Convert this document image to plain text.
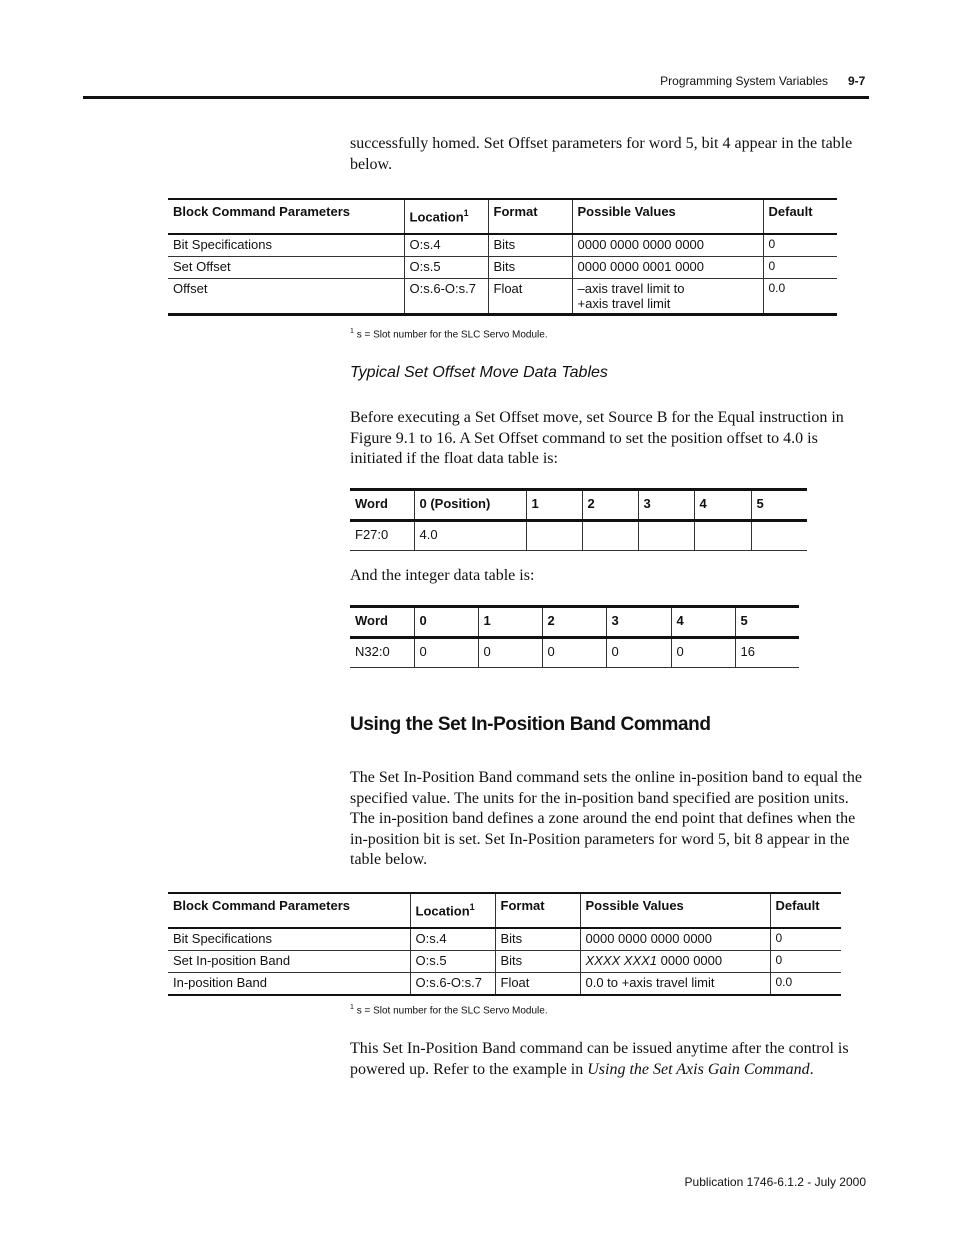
Programming System Variables 9-7
successfully homed. Set Offset parameters for word 5, bit 4 appear in the table below.
Block Command Parameters	Location$^1$	Format	Possible Values	Default
Bit Specifications	O:s.4	Bits	0000 0000 0000 0000	0
Set Offset	O:s.5	Bits	0000 0000 0001 0000	0
Offset	O:s.6-O:s.7	Float	–axis travel limit to +axis travel limit	0.0
$^1$ s = Slot number for the SLC Servo Module.
Typical Set Offset Move Data Tables
Before executing a Set Offset move, set Source B for the Equal instruction in Figure 9.1 to 16. A Set Offset command to set the position offset to 4.0 is initiated if the float data table is:
Word	0 (Position)	1	2	3	4	5
F27:0	4.0					
And the integer data table is:
Word	0	1	2	3	4	5
N32:0	0	0	0	0	0	16
Using the Set In-Position Band Command
The Set In-Position Band command sets the online in-position band to equal the specified value. The units for the in-position band specified are position units. The in-position band defines a zone around the end point that defines when the in-position bit is set. Set In-Position parameters for word 5, bit 8 appear in the table below.
Block Command Parameters	Location$^1$	Format	Possible Values	Default
Bit Specifications	O:s.4	Bits	0000 0000 0000 0000	0
Set In-position Band	O:s.5	Bits	XXXX XXX1 0000 0000	0
In-position Band	O:s.6-O:s.7	Float	0.0 to +axis travel limit	0.0
$^1$ s = Slot number for the SLC Servo Module.
This Set In-Position Band command can be issued anytime after the control is powered up. Refer to the example in Using the Set Axis Gain Command.
Publication 1746-6.1.2 - July 2000
